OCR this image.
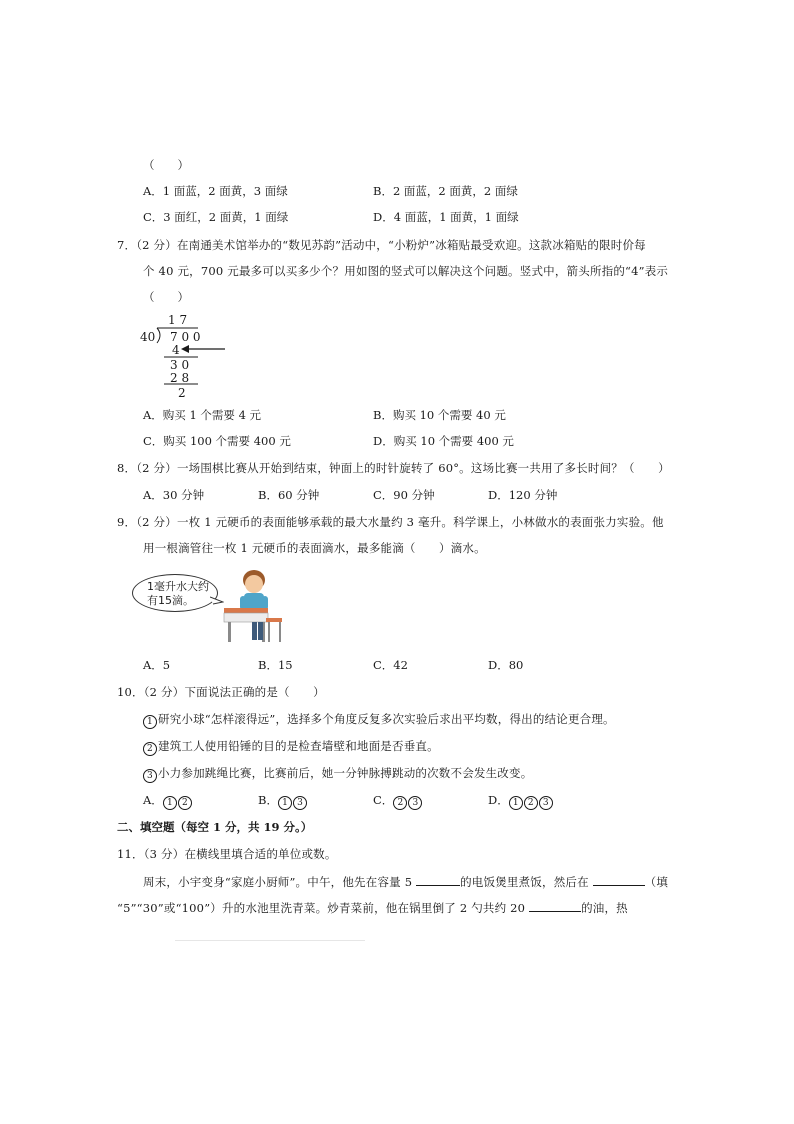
（　　）
A．1 面蓝，2 面黄，3 面绿	B．2 面蓝，2 面黄，2 面绿
C．3 面红，2 面黄，1 面绿	D．4 面蓝，1 面黄，1 面绿
7．（2 分）在南通美术馆举办的“数见苏韵”活动中，“小粉炉”冰箱贴最受欢迎。这款冰箱贴的限时价每
个 40 元，700 元最多可以买多少个？用如图的竖式可以解决这个问题。竖式中，箭头所指的“4”表示
（　　）
1 7
40 7 0 0
4
3 0
2 8
2
A．购买 1 个需要 4 元	B．购买 10 个需要 40 元
C．购买 100 个需要 400 元	D．购买 10 个需要 400 元
8．（2 分）一场围棋比赛从开始到结束，钟面上的时针旋转了 60°。这场比赛一共用了多长时间？（　　）
A．30 分钟	B．60 分钟	C．90 分钟	D．120 分钟
9．（2 分）一枚 1 元硬币的表面能够承载的最大水量约 3 毫升。科学课上，小林做水的表面张力实验。他
用一根滴管往一枚 1 元硬币的表面滴水，最多能滴（　　）滴水。
1毫升水大约
有15滴。
A．5	B．15	C．42	D．80
10．（2 分）下面说法正确的是（　　）
1 研究小球“怎样滚得远”，选择多个角度反复多次实验后求出平均数，得出的结论更合理。
2 建筑工人使用铅锤的目的是检查墙壁和地面是否垂直。
3 小力参加跳绳比赛，比赛前后，她一分钟脉搏跳动的次数不会发生改变。
A． 1 2	B． 1 3	C． 2 3	D． 1 2 3
二、填空题（每空 1 分，共 19 分。）
11．（3 分）在横线里填合适的单位或数。
周末，小宇变身“家庭小厨师”。中午，他先在容量 5	的电饭煲里煮饭，然后在	（填
“5”“30”或“100”）升的水池里洗青菜。炒青菜前，他在锅里倒了 2 勺共约 20	的油，热
